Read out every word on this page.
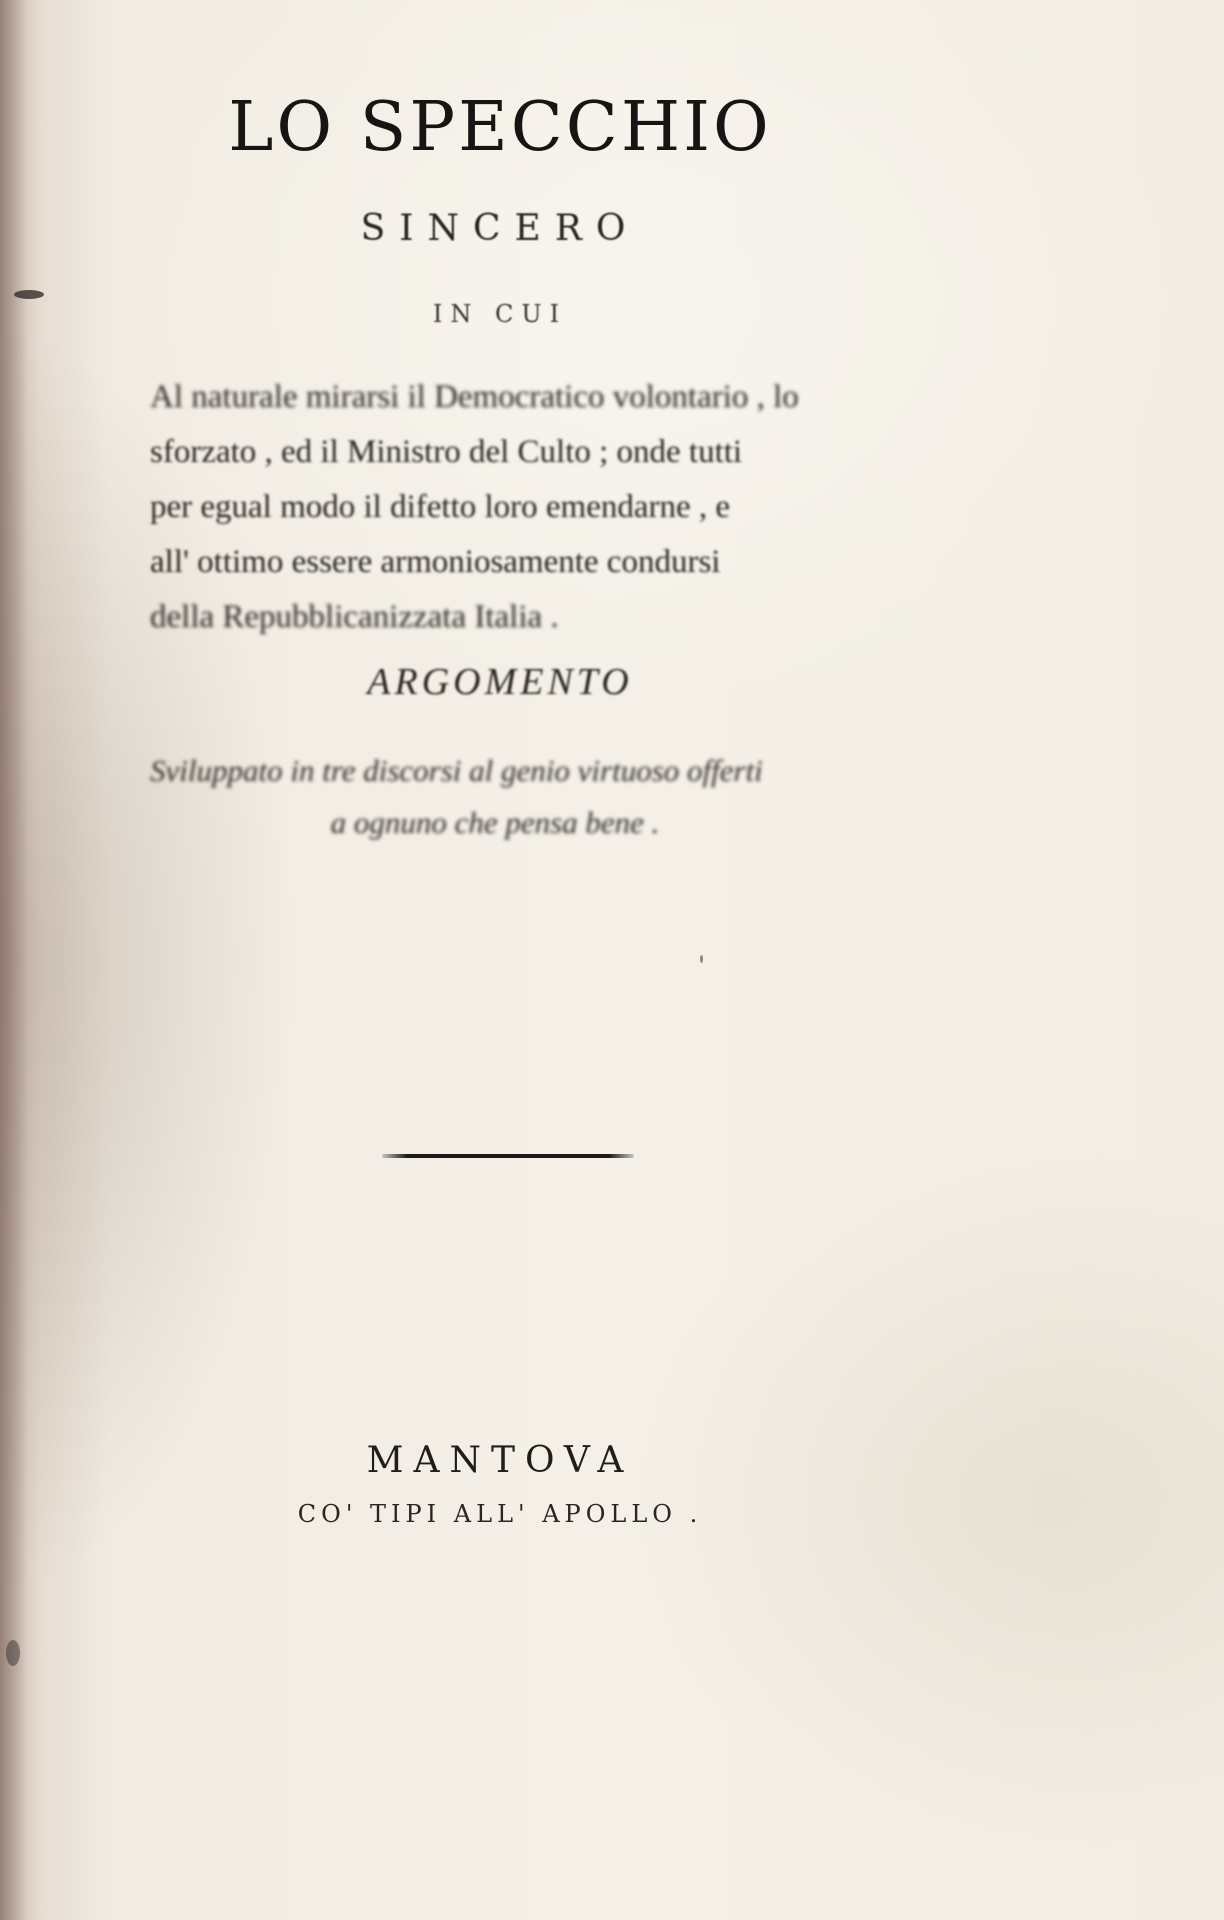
LO SPECCHIO
SINCERO
IN CUI

Al naturale mirarsi il Democratico volontario , lo
sforzato , ed il Ministro del Culto ; onde tutti
per egual modo il difetto loro emendarne , e
all' ottimo essere armoniosamente condursi
della Repubblicanizzata Italia .

ARGOMENTO

Sviluppato in tre discorsi al genio virtuoso offerti
a ognuno che pensa bene .

MANTOVA
CO' TIPI ALL' APOLLO .
